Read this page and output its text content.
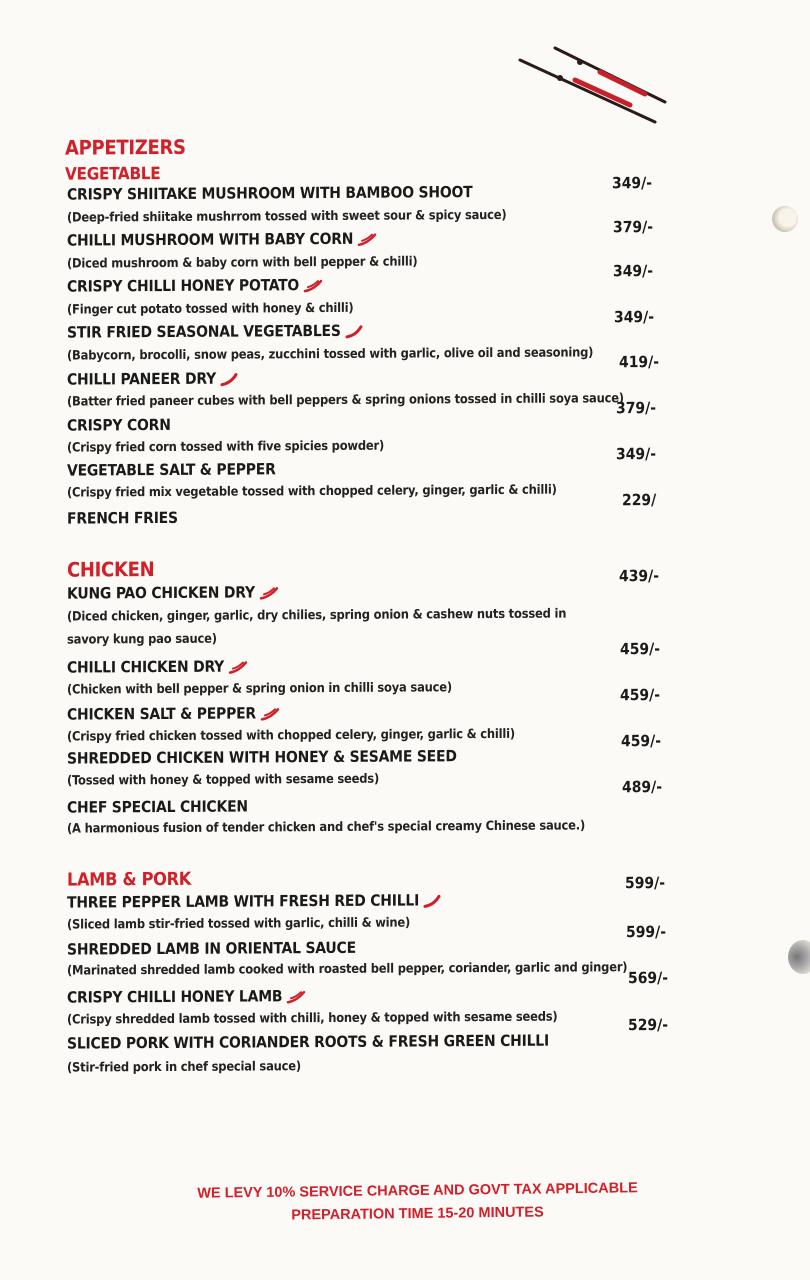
APPETIZERS
VEGETABLE
CRISPY SHIITAKE MUSHROOM WITH BAMBOO SHOOT	349/-
(Deep-fried shiitake mushrrom tossed with sweet sour & spicy sauce)
CHILLI MUSHROOM WITH BABY CORN
379/-
(Diced mushroom & baby corn with bell pepper & chilli)
CRISPY CHILLI HONEY POTATO
349/-
(Finger cut potato tossed with honey & chilli)
STIR FRIED SEASONAL VEGETABLES
349/-
(Babycorn, brocolli, snow peas, zucchini tossed with garlic, olive oil and seasoning)
CHILLI PANEER DRY
419/-
(Batter fried paneer cubes with bell peppers & spring onions tossed in chilli soya sauce)
CRISPY CORN
379/-
(Crispy fried corn tossed with five spicies powder)
VEGETABLE SALT & PEPPER
349/-
(Crispy fried mix vegetable tossed with chopped celery, ginger, garlic & chilli)
FRENCH FRIES
229/
CHICKEN
KUNG PAO CHICKEN DRY
439/-
(Diced chicken, ginger, garlic, dry chilies, spring onion & cashew nuts tossed in
savory kung pao sauce)
CHILLI CHICKEN DRY
459/-
(Chicken with bell pepper & spring onion in chilli soya sauce)
CHICKEN SALT & PEPPER
459/-
(Crispy fried chicken tossed with chopped celery, ginger, garlic & chilli)
SHREDDED CHICKEN WITH HONEY & SESAME SEED
459/-
(Tossed with honey & topped with sesame seeds)
CHEF SPECIAL CHICKEN
489/-
(A harmonious fusion of tender chicken and chef's special creamy Chinese sauce.)
LAMB & PORK
THREE PEPPER LAMB WITH FRESH RED CHILLI
599/-
(Sliced lamb stir-fried tossed with garlic, chilli & wine)
SHREDDED LAMB IN ORIENTAL SAUCE
599/-
(Marinated shredded lamb cooked with roasted bell pepper, coriander, garlic and ginger)
CRISPY CHILLI HONEY LAMB
569/-
(Crispy shredded lamb tossed with chilli, honey & topped with sesame seeds)
SLICED PORK WITH CORIANDER ROOTS & FRESH GREEN CHILLI
529/-
(Stir-fried pork in chef special sauce)
WE LEVY 10% SERVICE CHARGE AND GOVT TAX APPLICABLE
PREPARATION TIME 15-20 MINUTES
